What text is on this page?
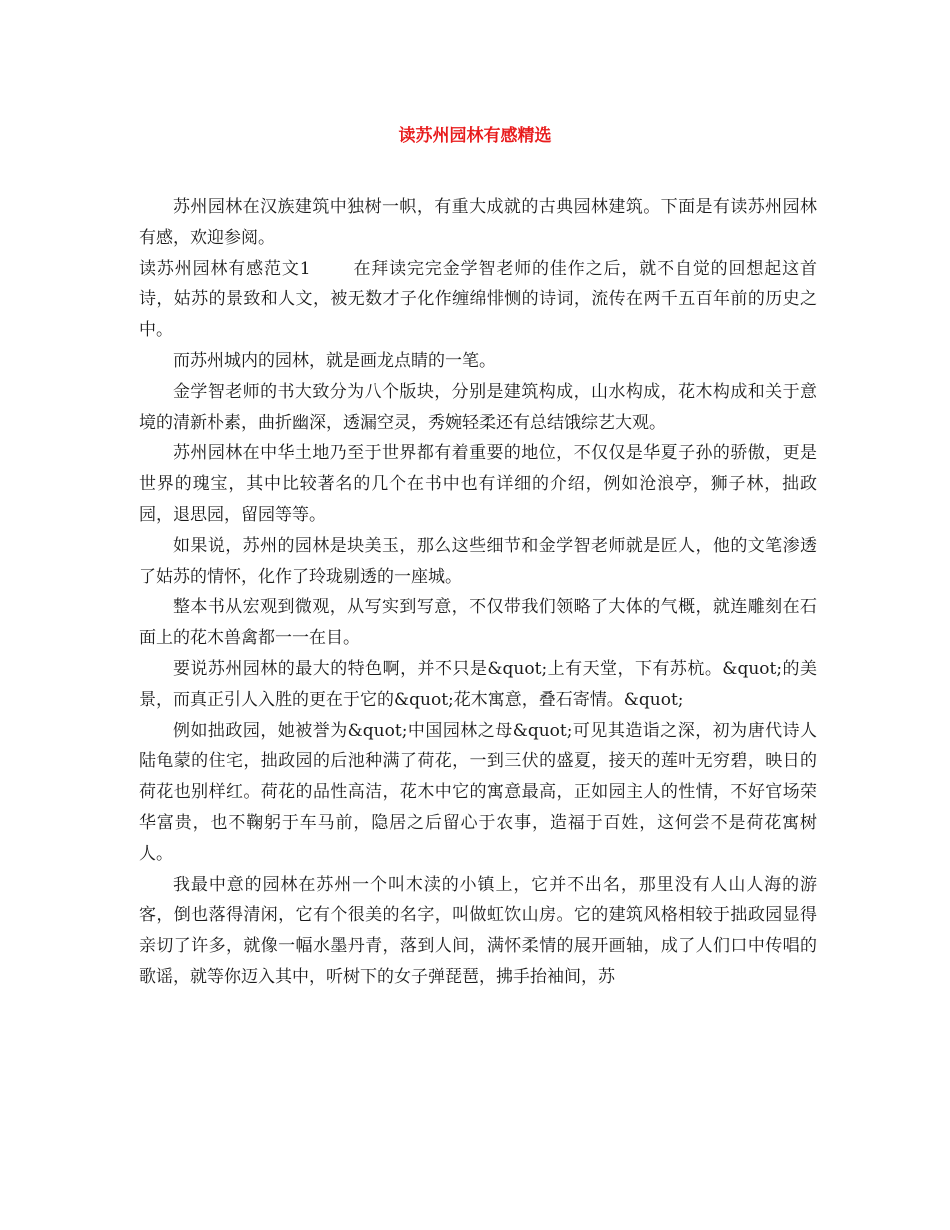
读苏州园林有感精选

苏州园林在汉族建筑中独树一帜，有重大成就的古典园林建筑。下面是有读苏州园林有感，欢迎参阅。

读苏州园林有感范文1 在拜读完完金学智老师的佳作之后，就不自觉的回想起这首诗，姑苏的景致和人文，被无数才子化作缠绵悱恻的诗词，流传在两千五百年前的历史之中。

而苏州城内的园林，就是画龙点睛的一笔。

金学智老师的书大致分为八个版块，分别是建筑构成，山水构成，花木构成和关于意境的清新朴素，曲折幽深，透漏空灵，秀婉轻柔还有总结饿综艺大观。

苏州园林在中华土地乃至于世界都有着重要的地位，不仅仅是华夏子孙的骄傲，更是世界的瑰宝，其中比较著名的几个在书中也有详细的介绍，例如沧浪亭，狮子林，拙政园，退思园，留园等等。

如果说，苏州的园林是块美玉，那么这些细节和金学智老师就是匠人，他的文笔渗透了姑苏的情怀，化作了玲珑剔透的一座城。

整本书从宏观到微观，从写实到写意，不仅带我们领略了大体的气概，就连雕刻在石面上的花木兽禽都一一在目。

要说苏州园林的最大的特色啊，并不只是&quot;上有天堂，下有苏杭。&quot;的美景，而真正引人入胜的更在于它的&quot;花木寓意，叠石寄情。&quot;

例如拙政园，她被誉为&quot;中国园林之母&quot;可见其造诣之深，初为唐代诗人陆龟蒙的住宅，拙政园的后池种满了荷花，一到三伏的盛夏，接天的莲叶无穷碧，映日的荷花也别样红。荷花的品性高洁，花木中它的寓意最高，正如园主人的性情，不好官场荣华富贵，也不鞠躬于车马前，隐居之后留心于农事，造福于百姓，这何尝不是荷花寓树人。

我最中意的园林在苏州一个叫木渎的小镇上，它并不出名，那里没有人山人海的游客，倒也落得清闲，它有个很美的名字，叫做虹饮山房。它的建筑风格相较于拙政园显得亲切了许多，就像一幅水墨丹青，落到人间，满怀柔情的展开画轴，成了人们口中传唱的歌谣，就等你迈入其中，听树下的女子弹琵琶，拂手抬袖间，苏
